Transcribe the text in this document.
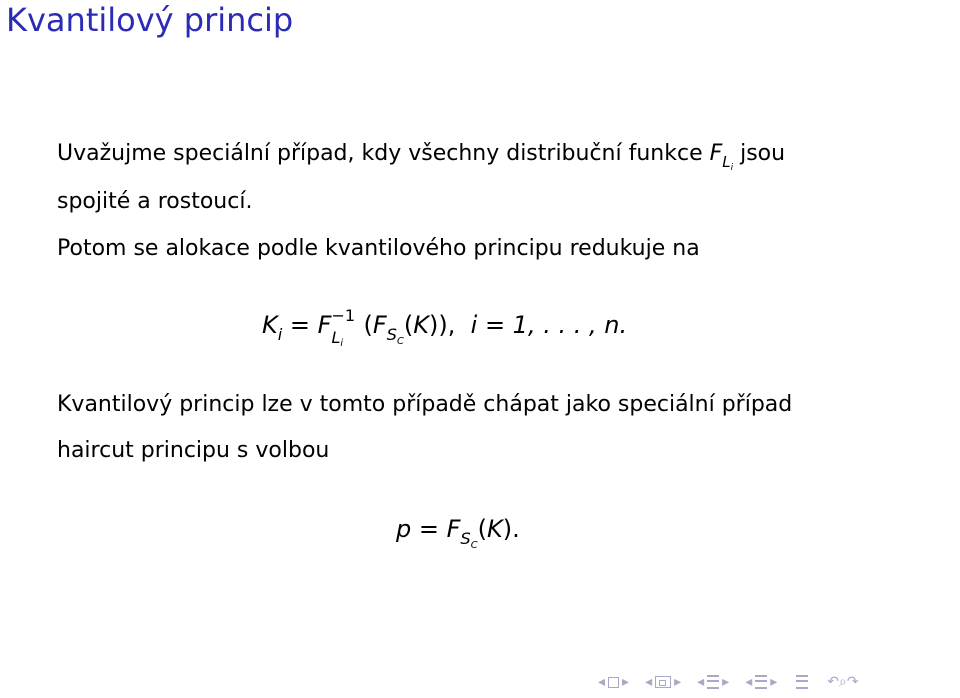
Kvantilový princip
Uvažujme speciální případ, kdy všechny distribuční funkce $F_{L_i}$ jsou
spojité a rostoucí.
Potom se alokace podle kvantilového principu redukuje na
$K_i = F -1$
$L_i$
$(F_{S_C}(K))$,  i = 1, . . . , n.
Kvantilový princip lze v tomto případě chápat jako speciální případ
haircut principu s volbou
$p = F_{S_C}(K)$.
◂ ▸ ◂ ▸ ◂ ▸ ◂ ▸	↶ ⌕ ↷
